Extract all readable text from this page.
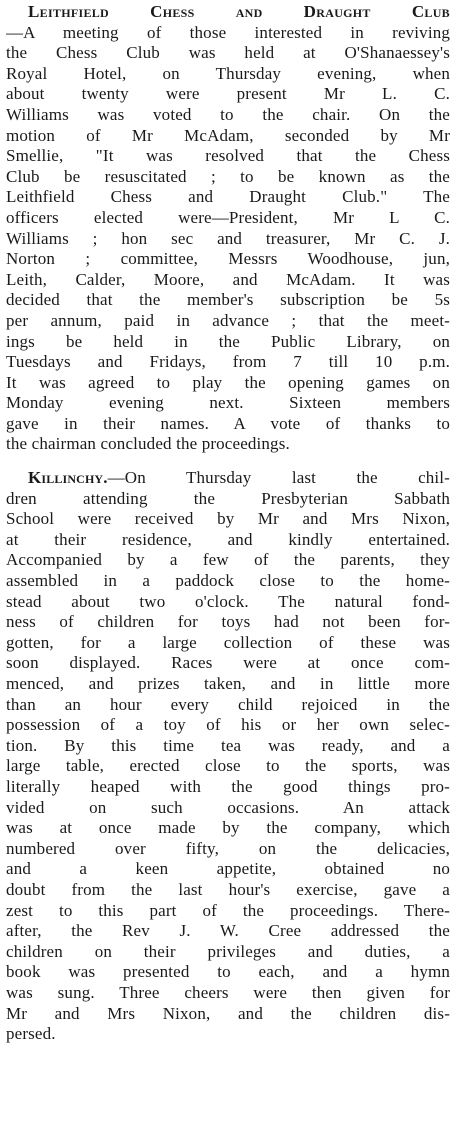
Leithfield Chess and Draught Club
—A meeting of those interested in reviving
the Chess Club was held at O'Shanaessey's
Royal Hotel, on Thursday evening, when
about twenty were present Mr L. C.
Williams was voted to the chair. On the
motion of Mr McAdam, seconded by Mr
Smellie, "It was resolved that the Chess
Club be resuscitated ; to be known as the
Leithfield Chess and Draught Club." The
officers elected were—President, Mr L C.
Williams ; hon sec and treasurer, Mr C. J.
Norton ; committee, Messrs Woodhouse, jun,
Leith, Calder, Moore, and McAdam. It was
decided that the member's subscription be 5s
per annum, paid in advance ; that the meet-
ings be held in the Public Library, on
Tuesdays and Fridays, from 7 till 10 p.m.
It was agreed to play the opening games on
Monday evening next. Sixteen members
gave in their names. A vote of thanks to
the chairman concluded the proceedings.
Killinchy.—On Thursday last the chil-
dren attending the Presbyterian Sabbath
School were received by Mr and Mrs Nixon,
at their residence, and kindly entertained.
Accompanied by a few of the parents, they
assembled in a paddock close to the home-
stead about two o'clock. The natural fond-
ness of children for toys had not been for-
gotten, for a large collection of these was
soon displayed. Races were at once com-
menced, and prizes taken, and in little more
than an hour every child rejoiced in the
possession of a toy of his or her own selec-
tion. By this time tea was ready, and a
large table, erected close to the sports, was
literally heaped with the good things pro-
vided on such occasions. An attack
was at once made by the company, which
numbered over fifty, on the delicacies,
and a keen appetite, obtained no
doubt from the last hour's exercise, gave a
zest to this part of the proceedings. There-
after, the Rev J. W. Cree addressed the
children on their privileges and duties, a
book was presented to each, and a hymn
was sung. Three cheers were then given for
Mr and Mrs Nixon, and the children dis-
persed.
